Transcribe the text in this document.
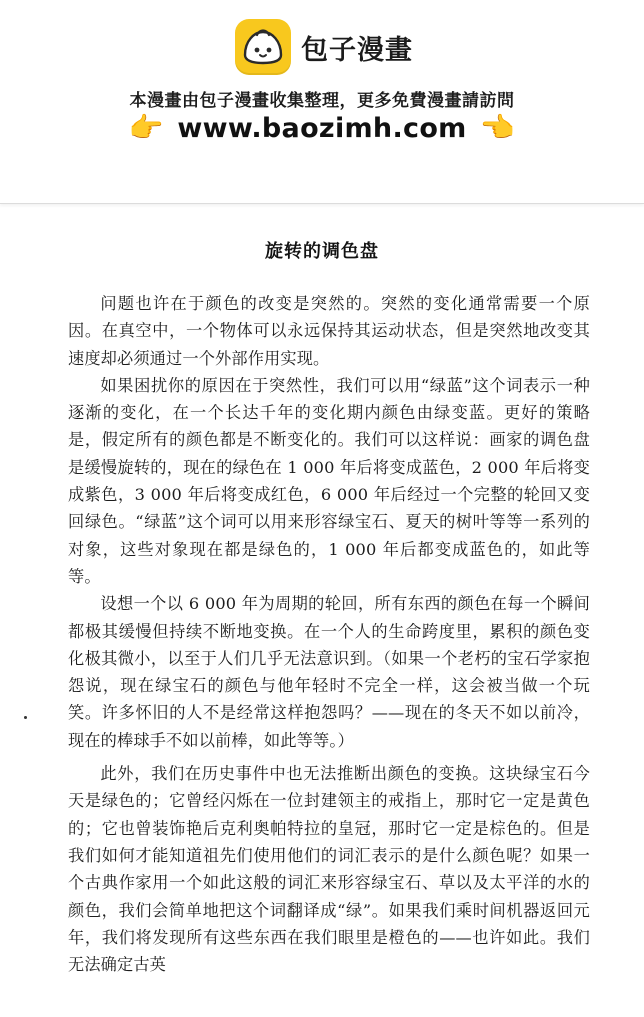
包子漫畫
本漫畫由包子漫畫收集整理，更多免費漫畫請訪問
👉 www.baozimh.com 👉
旋转的调色盘

问题也许在于颜色的改变是突然的。突然的变化通常需要一个原因。在真空中，一个物体可以永远保持其运动状态，但是突然地改变其速度却必须通过一个外部作用实现。

如果困扰你的原因在于突然性，我们可以用“绿蓝”这个词表示一种逐渐的变化，在一个长达千年的变化期内颜色由绿变蓝。更好的策略是，假定所有的颜色都是不断变化的。我们可以这样说：画家的调色盘是缓慢旋转的，现在的绿色在 1 000 年后将变成蓝色，2 000 年后将变成紫色，3 000 年后将变成红色，6 000 年后经过一个完整的轮回又变回绿色。“绿蓝”这个词可以用来形容绿宝石、夏天的树叶等等一系列的对象，这些对象现在都是绿色的，1 000 年后都变成蓝色的，如此等等。

设想一个以 6 000 年为周期的轮回，所有东西的颜色在每一个瞬间都极其缓慢但持续不断地变换。在一个人的生命跨度里，累积的颜色变化极其微小，以至于人们几乎无法意识到。（如果一个老朽的宝石学家抱怨说，现在绿宝石的颜色与他年轻时不完全一样，这会被当做一个玩笑。许多怀旧的人不是经常这样抱怨吗？——现在的冬天不如以前冷，现在的棒球手不如以前棒，如此等等。）

此外，我们在历史事件中也无法推断出颜色的变换。这块绿宝石今天是绿色的；它曾经闪烁在一位封建领主的戒指上，那时它一定是黄色的；它也曾装饰艳后克利奥帕特拉的皇冠，那时它一定是棕色的。但是我们如何才能知道祖先们使用他们的词汇表示的是什么颜色呢？如果一个古典作家用一个如此这般的词汇来形容绿宝石、草以及太平洋的水的颜色，我们会简单地把这个词翻译成“绿”。如果我们乘时间机器返回元年，我们将发现所有这些东西在我们眼里是橙色的——也许如此。我们无法确定古英
